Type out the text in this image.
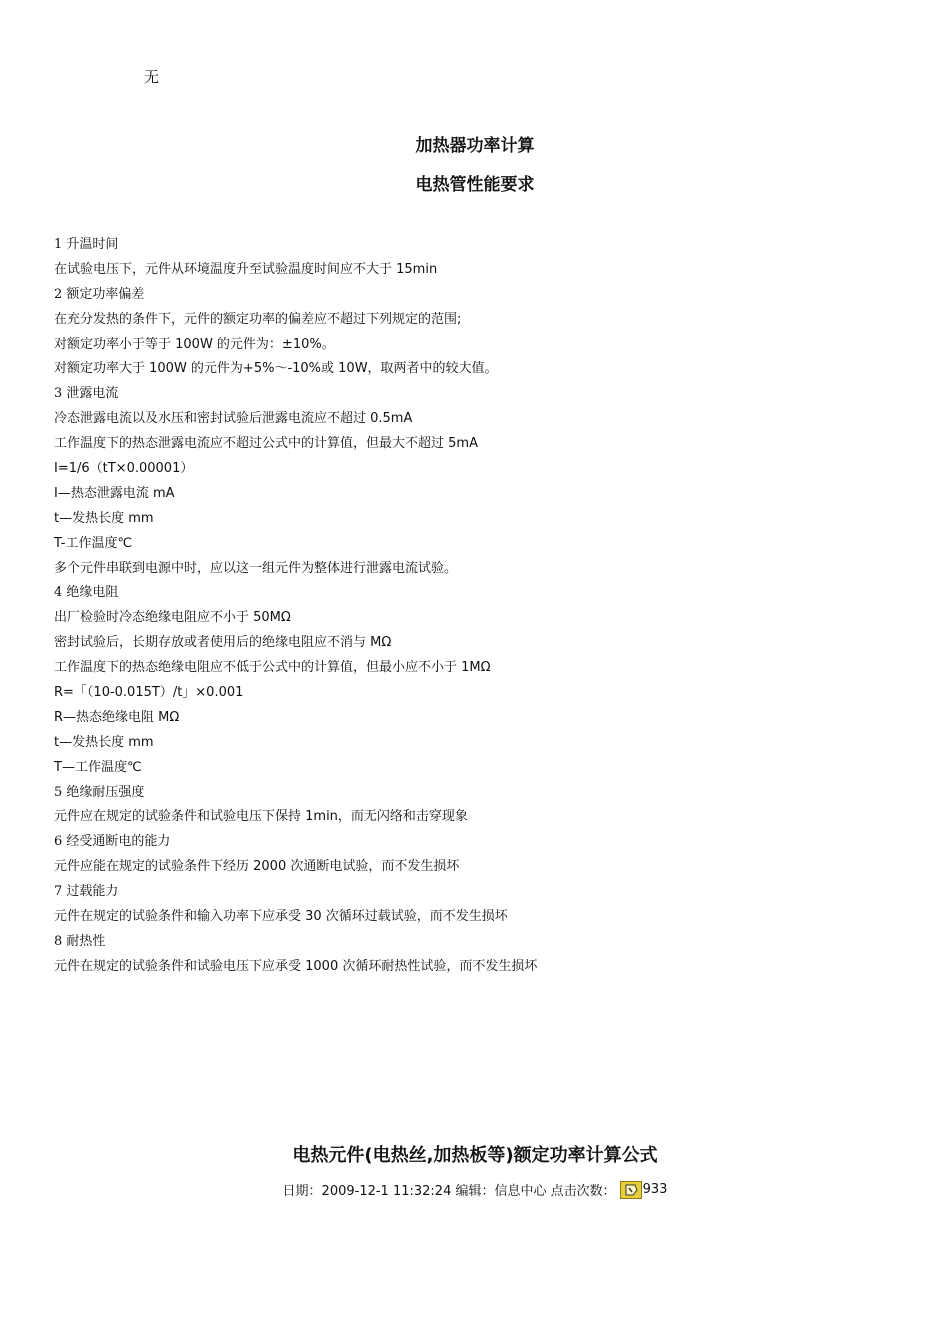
无
加热器功率计算
电热管性能要求
1 升温时间
在试验电压下，元件从环境温度升至试验温度时间应不大于 15min
2 额定功率偏差
在充分发热的条件下，元件的额定功率的偏差应不超过下列规定的范围;
对额定功率小于等于 100W 的元件为：±10%。
对额定功率大于 100W 的元件为+5%～-10%或 10W，取两者中的较大值。
3 泄露电流
冷态泄露电流以及水压和密封试验后泄露电流应不超过 0.5mA
工作温度下的热态泄露电流应不超过公式中的计算值，但最大不超过 5mA
I=1/6（tT×0.00001）
I—热态泄露电流 mA
t—发热长度 mm
T-工作温度℃
多个元件串联到电源中时，应以这一组元件为整体进行泄露电流试验。
4 绝缘电阻
出厂检验时冷态绝缘电阻应不小于 50MΩ
密封试验后，长期存放或者使用后的绝缘电阻应不消与 MΩ
工作温度下的热态绝缘电阻应不低于公式中的计算值，但最小应不小于 1MΩ
R=「（10-0.015T）/t」×0.001
R—热态绝缘电阻 MΩ
t—发热长度 mm
T—工作温度℃
5 绝缘耐压强度
元件应在规定的试验条件和试验电压下保持 1min，而无闪络和击穿现象
6 经受通断电的能力
元件应能在规定的试验条件下经历 2000 次通断电试验，而不发生损坏
7 过载能力
元件在规定的试验条件和输入功率下应承受 30 次循环过载试验，而不发生损坏
8 耐热性
元件在规定的试验条件和试验电压下应承受 1000 次循环耐热性试验，而不发生损坏
电热元件(电热丝,加热板等)额定功率计算公式
日期：2009-12-1 11:32:24 编辑：信息中心 点击次数： 933
